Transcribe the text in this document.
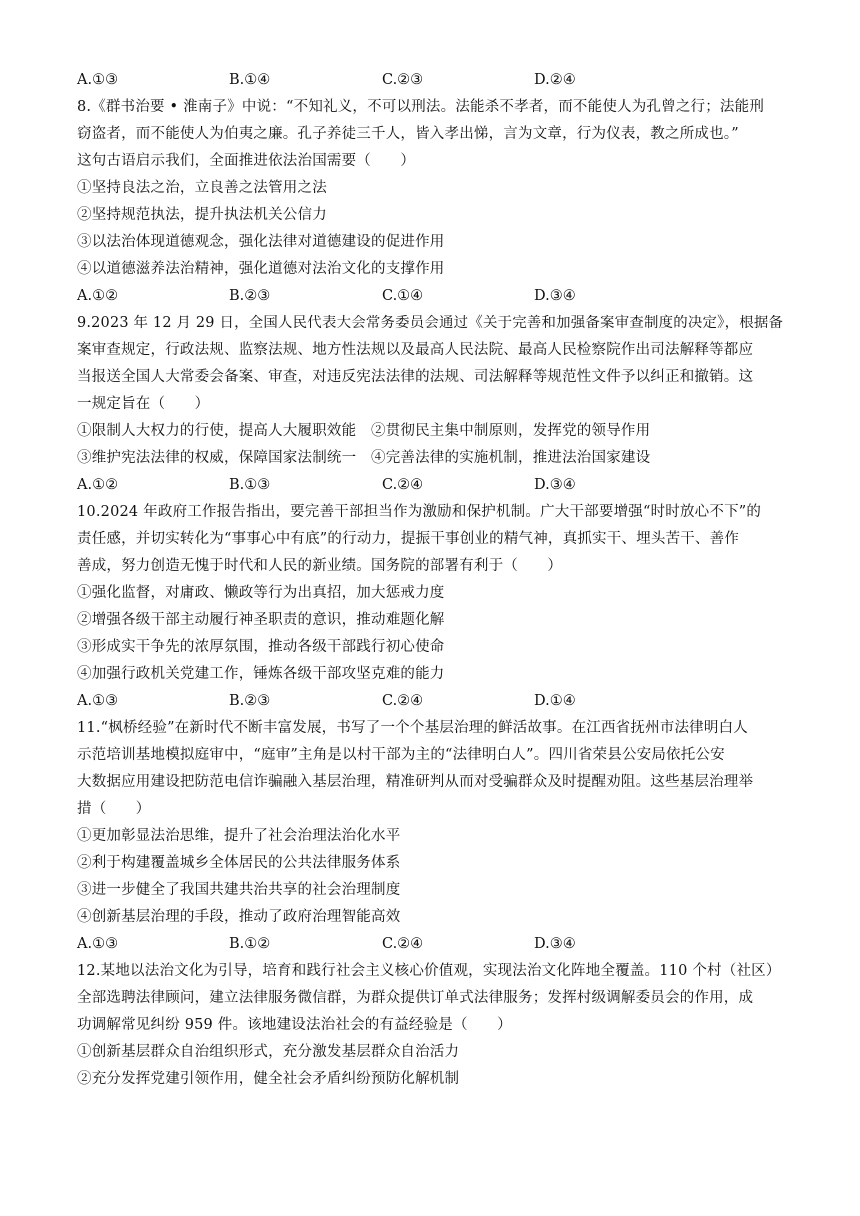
A.①③	B.①④	C.②③	D.②④
8.《群书治要 • 淮南子》中说：“不知礼义，不可以刑法。法能杀不孝者，而不能使人为孔曾之行；法能刑
窃盗者，而不能使人为伯夷之廉。孔子养徒三千人，皆入孝出悌，言为文章，行为仪表，教之所成也。”
这句古语启示我们，全面推进依法治国需要（　　）
①坚持良法之治，立良善之法管用之法
②坚持规范执法，提升执法机关公信力
③以法治体现道德观念，强化法律对道德建设的促进作用
④以道德滋养法治精神，强化道德对法治文化的支撑作用
A.①②	B.②③	C.①④	D.③④
9.2023 年 12 月 29 日，全国人民代表大会常务委员会通过《关于完善和加强备案审查制度的决定》，根据备
案审查规定，行政法规、监察法规、地方性法规以及最高人民法院、最高人民检察院作出司法解释等都应
当报送全国人大常委会备案、审查，对违反宪法法律的法规、司法解释等规范性文件予以纠正和撤销。这
一规定旨在（　　）
①限制人大权力的行使，提高人大履职效能　②贯彻民主集中制原则，发挥党的领导作用
③维护宪法法律的权威，保障国家法制统一　④完善法律的实施机制，推进法治国家建设
A.①②	B.①③	C.②④	D.③④
10.2024 年政府工作报告指出，要完善干部担当作为激励和保护机制。广大干部要增强“时时放心不下”的
责任感，并切实转化为“事事心中有底”的行动力，提振干事创业的精气神，真抓实干、埋头苦干、善作
善成，努力创造无愧于时代和人民的新业绩。国务院的部署有利于（　　）
①强化监督，对庸政、懒政等行为出真招，加大惩戒力度
②增强各级干部主动履行神圣职责的意识，推动难题化解
③形成实干争先的浓厚氛围，推动各级干部践行初心使命
④加强行政机关党建工作，锤炼各级干部攻坚克难的能力
A.①③	B.②③	C.②④	D.①④
11.“枫桥经验”在新时代不断丰富发展，书写了一个个基层治理的鲜活故事。在江西省抚州市法律明白人
示范培训基地模拟庭审中，“庭审”主角是以村干部为主的“法律明白人”。四川省荣县公安局依托公安
大数据应用建设把防范电信诈骗融入基层治理，精准研判从而对受骗群众及时提醒劝阻。这些基层治理举
措（　　）
①更加彰显法治思维，提升了社会治理法治化水平
②利于构建覆盖城乡全体居民的公共法律服务体系
③进一步健全了我国共建共治共享的社会治理制度
④创新基层治理的手段，推动了政府治理智能高效
A.①③	B.①②	C.②④	D.③④
12.某地以法治文化为引导，培育和践行社会主义核心价值观，实现法治文化阵地全覆盖。110 个村（社区）
全部选聘法律顾问，建立法律服务微信群，为群众提供订单式法律服务；发挥村级调解委员会的作用，成
功调解常见纠纷 959 件。该地建设法治社会的有益经验是（　　）
①创新基层群众自治组织形式，充分激发基层群众自治活力
②充分发挥党建引领作用，健全社会矛盾纠纷预防化解机制
